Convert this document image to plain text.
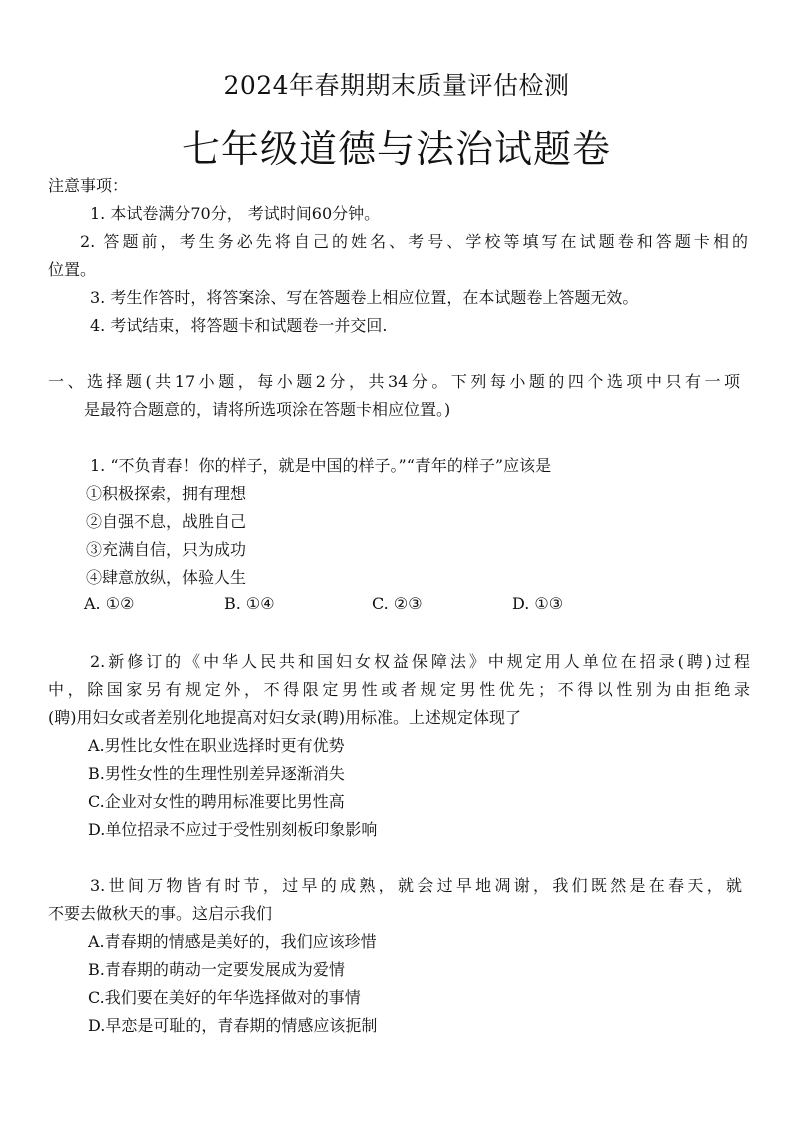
2024年春期期末质量评估检测
七年级道德与法治试题卷
注意事项：
1. 本试卷满分70分， 考试时间60分钟。
2. 答题前，考生务必先将自己的姓名、考号、学校等填写在试题卷和答题卡相的
位置。
3. 考生作答时，将答案涂、写在答题卷上相应位置，在本试题卷上答题无效。
4. 考试结束，将答题卡和试题卷一并交回.
一、选择题(共17小题，每小题2分，共34分。下列每小题的四个选项中只有一项
是最符合题意的，请将所选项涂在答题卡相应位置。)
1. “不负青春！你的样子，就是中国的样子。”“青年的样子”应该是
①积极探索，拥有理想
②自强不息，战胜自己
③充满自信，只为成功
④肆意放纵，体验人生
A. ①②	B. ①④	C. ②③	D. ①③
2.新修订的《中华人民共和国妇女权益保障法》中规定用人单位在招录(聘)过程
中，除国家另有规定外，不得限定男性或者规定男性优先；不得以性别为由拒绝录
(聘)用妇女或者差别化地提高对妇女录(聘)用标准。上述规定体现了
A.男性比女性在职业选择时更有优势
B.男性女性的生理性别差异逐渐消失
C.企业对女性的聘用标准要比男性高
D.单位招录不应过于受性别刻板印象影响
3.世间万物皆有时节，过早的成熟，就会过早地凋谢，我们既然是在春天，就
不要去做秋天的事。这启示我们
A.青春期的情感是美好的，我们应该珍惜
B.青春期的萌动一定要发展成为爱情
C.我们要在美好的年华选择做对的事情
D.早恋是可耻的，青春期的情感应该扼制
